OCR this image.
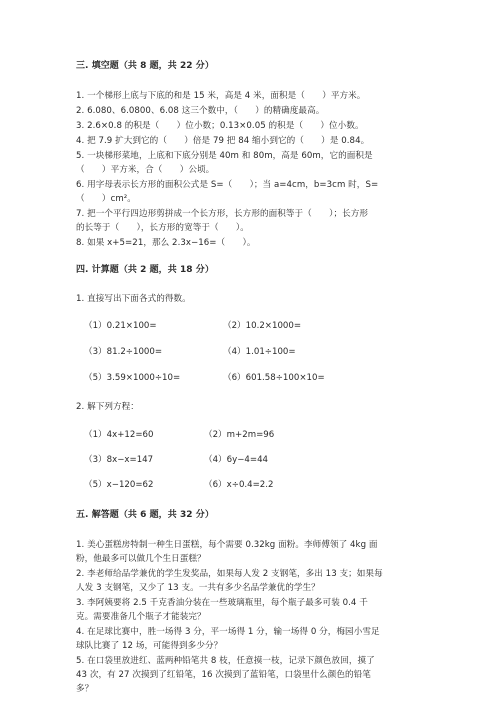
三. 填空题（共 8 题，共 22 分）
1. 一个梯形上底与下底的和是 15 米，高是 4 米，面积是（　　）平方米。
2. 6.080、6.0800、6.08 这三个数中，（　　）的精确度最高。
3. 2.6×0.8 的积是（　　）位小数；0.13×0.05 的积是（　　）位小数。
4. 把 7.9 扩大到它的（　　）倍是 79 把 84 缩小到它的（　　）是 0.84。
5. 一块梯形菜地，上底和下底分别是 40m 和 80m，高是 60m，它的面积是
（　　）平方米，合（　　）公顷。
6. 用字母表示长方形的面积公式是 S=（　　）；当 a=4cm，b=3cm 时，S=
（　　）cm²。
7. 把一个平行四边形剪拼成一个长方形，长方形的面积等于（　　）；长方形
的长等于（　　），长方形的宽等于（　　）。
8. 如果 x+5=21，那么 2.3x−16=（　　）。
四. 计算题（共 2 题，共 18 分）
1. 直接写出下面各式的得数。
（1）0.21×100=	（2）10.2×1000=
（3）81.2÷1000=	（4）1.01÷100=
（5）3.59×1000÷10=	（6）601.58÷100×10=
2. 解下列方程：
（1）4x+12=60	（2）m+2m=96
（3）8x−x=147	（4）6y−4=44
（5）x−120=62	（6）x÷0.4=2.2
五. 解答题（共 6 题，共 32 分）
1. 美心蛋糕房特制一种生日蛋糕，每个需要 0.32kg 面粉。李师傅领了 4kg 面
粉，他最多可以做几个生日蛋糕？
2. 李老师给品学兼优的学生发奖品，如果每人发 2 支钢笔，多出 13 支；如果每
人发 3 支钢笔，又少了 13 支。一共有多少名品学兼优的学生？
3. 李阿姨要将 2.5 千克香油分装在一些玻璃瓶里，每个瓶子最多可装 0.4 千
克。需要准备几个瓶子才能装完？
4. 在足球比赛中，胜一场得 3 分，平一场得 1 分，输一场得 0 分，梅园小雪足
球队比赛了 12 场，可能得到多少分？
5. 在口袋里放进红、蓝两种铅笔共 8 枝，任意摸一枝，记录下颜色放回，摸了
43 次，有 27 次摸到了红铅笔，16 次摸到了蓝铅笔，口袋里什么颜色的铅笔
多？
